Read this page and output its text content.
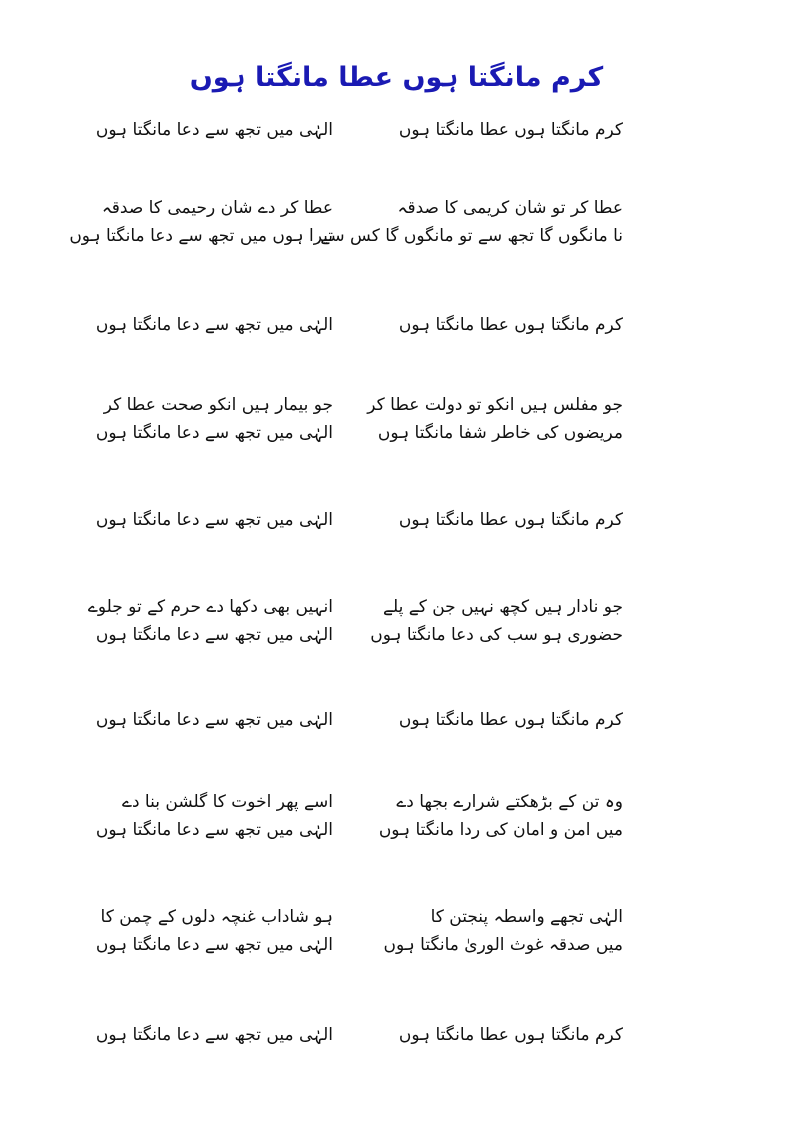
کرم مانگتا ہوں عطا مانگتا ہوں
کرم مانگتا ہوں عطا مانگتا ہوں
الہٰی میں تجھ سے دعا مانگتا ہوں
عطا کر تو شان کریمی کا صدقہ
عطا کر دے شان رحیمی کا صدقہ
نا مانگوں گا تجھ سے تو مانگوں گا کس سے
تیرا ہوں میں تجھ سے دعا مانگتا ہوں
کرم مانگتا ہوں عطا مانگتا ہوں
الہٰی میں تجھ سے دعا مانگتا ہوں
جو مفلس ہیں انکو تو دولت عطا کر
جو بیمار ہیں انکو صحت عطا کر
مریضوں کی خاطر شفا مانگتا ہوں
الہٰی میں تجھ سے دعا مانگتا ہوں
کرم مانگتا ہوں عطا مانگتا ہوں
الہٰی میں تجھ سے دعا مانگتا ہوں
جو نادار ہیں کچھ نہیں جن کے پلے
انہیں بھی دکھا دے حرم کے تو جلوے
حضوری ہو سب کی دعا مانگتا ہوں
الہٰی میں تجھ سے دعا مانگتا ہوں
کرم مانگتا ہوں عطا مانگتا ہوں
الہٰی میں تجھ سے دعا مانگتا ہوں
وہ تن کے بڑھکتے شرارے بجھا دے
اسے پھر اخوت کا گلشن بنا دے
میں امن و امان کی ردا مانگتا ہوں
الہٰی میں تجھ سے دعا مانگتا ہوں
الہٰی تجھے واسطہ پنجتن کا
ہو شاداب غنچہ دلوں کے چمن کا
میں صدقہ غوث الوریٰ مانگتا ہوں
الہٰی میں تجھ سے دعا مانگتا ہوں
کرم مانگتا ہوں عطا مانگتا ہوں
الہٰی میں تجھ سے دعا مانگتا ہوں
